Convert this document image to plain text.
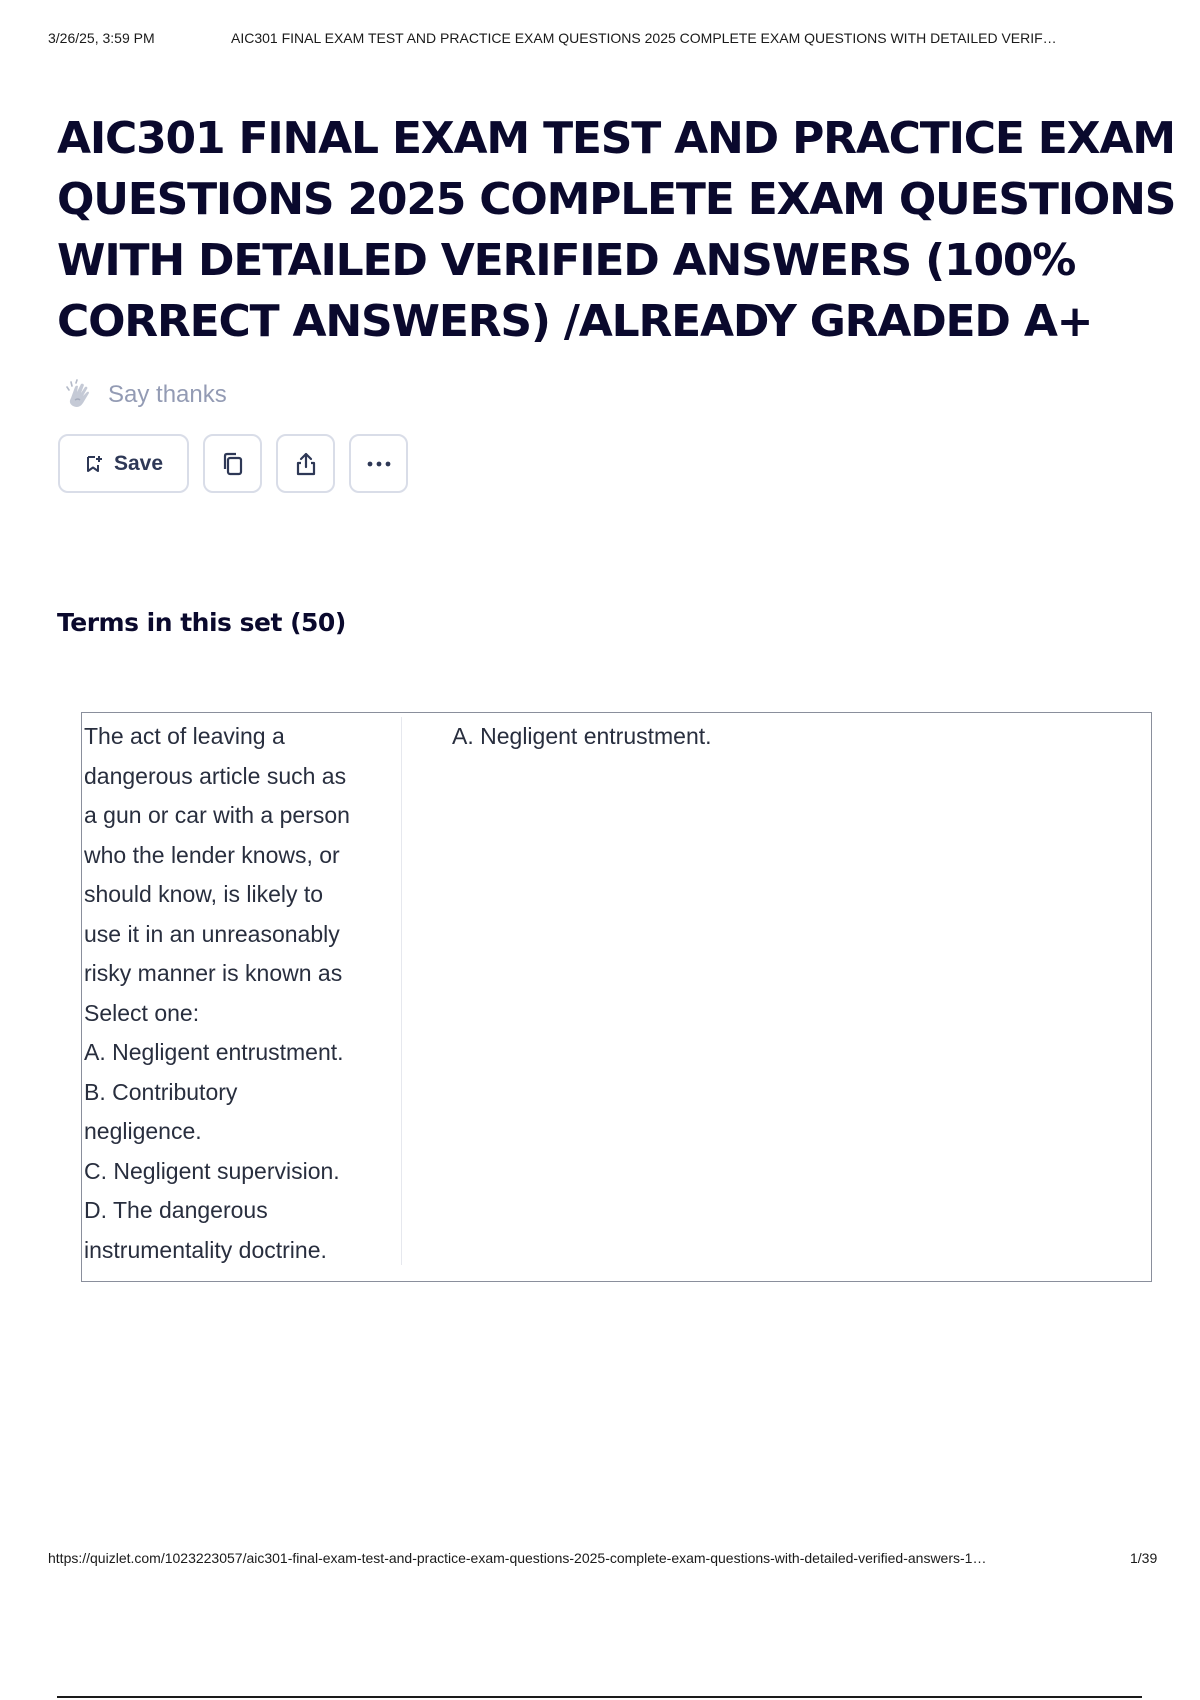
3/26/25, 3:59 PM	AIC301 FINAL EXAM TEST AND PRACTICE EXAM QUESTIONS 2025 COMPLETE EXAM QUESTIONS WITH DETAILED VERIF…
AIC301 FINAL EXAM TEST AND PRACTICE EXAM
QUESTIONS 2025 COMPLETE EXAM QUESTIONS
WITH DETAILED VERIFIED ANSWERS (100%
CORRECT ANSWERS) /ALREADY GRADED A+
Say thanks
Save
Terms in this set (50)
The act of leaving a
dangerous article such as
a gun or car with a person
who the lender knows, or
should know, is likely to
use it in an unreasonably
risky manner is known as
Select one:
A. Negligent entrustment.
B. Contributory
negligence.
C. Negligent supervision.
D. The dangerous
instrumentality doctrine.
A. Negligent entrustment.
https://quizlet.com/1023223057/aic301-final-exam-test-and-practice-exam-questions-2025-complete-exam-questions-with-detailed-verified-answers-1…	1/39
